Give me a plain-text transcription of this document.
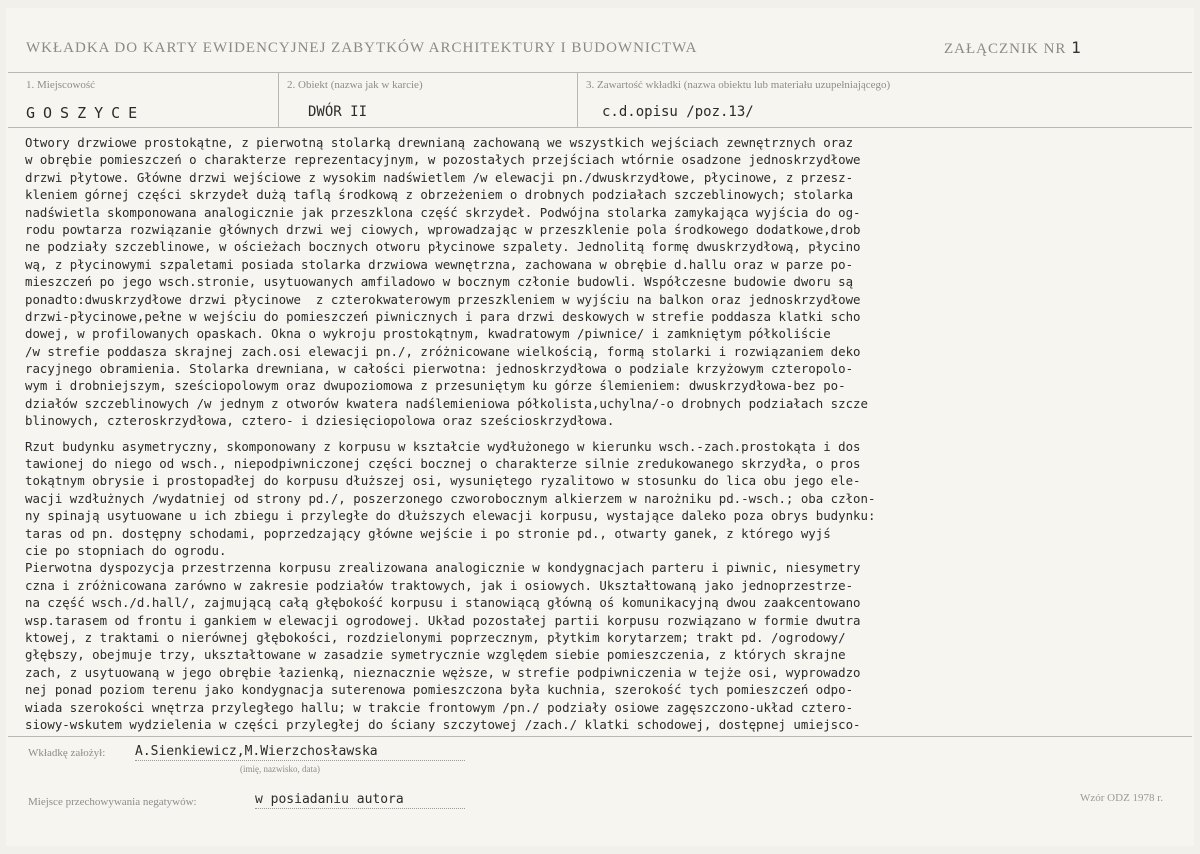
WKŁADKA DO KARTY EWIDENCYJNEJ ZABYTKÓW ARCHITEKTURY I BUDOWNICTWA	ZAŁĄCZNIK NR 1
1. Miejscowość	2. Obiekt (nazwa jak w karcie)	3. Zawartość wkładki (nazwa obiektu lub materiału uzupełniającego)
GOSZYCE	DWÓR II	c.d.opisu /poz.13/
Otwory drzwiowe prostokątne, z pierwotną stolarką drewnianą zachowaną we wszystkich wejściach zewnętrznych oraz
w obrębie pomieszczeń o charakterze reprezentacyjnym, w pozostałych przejściach wtórnie osadzone jednoskrzydłowe
drzwi płytowe. Główne drzwi wejściowe z wysokim nadświetlem /w elewacji pn./dwuskrzydłowe, płycinowe, z przesz-
kleniem górnej części skrzydeł dużą taflą środkową z obrzeżeniem o drobnych podziałach szczeblinowych; stolarka
nadświetla skomponowana analogicznie jak przeszklona część skrzydeł. Podwójna stolarka zamykająca wyjścia do og-
rodu powtarza rozwiązanie głównych drzwi wej ciowych, wprowadzając w przeszklenie pola środkowego dodatkowe,drob
ne podziały szczeblinowe, w ościeżach bocznych otworu płycinowe szpalety. Jednolitą formę dwuskrzydłową, płycino
wą, z płycinowymi szpaletami posiada stolarka drzwiowa wewnętrzna, zachowana w obrębie d.hallu oraz w parze po-
mieszczeń po jego wsch.stronie, usytuowanych amfiladowo w bocznym członie budowli. Współczesne budowie dworu są
ponadto:dwuskrzydłowe drzwi płycinowe  z czterokwaterowym przeszkleniem w wyjściu na balkon oraz jednoskrzydłowe
drzwi-płycinowe,pełne w wejściu do pomieszczeń piwnicznych i para drzwi deskowych w strefie poddasza klatki scho
dowej, w profilowanych opaskach. Okna o wykroju prostokątnym, kwadratowym /piwnice/ i zamkniętym półkoliście
/w strefie poddasza skrajnej zach.osi elewacji pn./, zróżnicowane wielkością, formą stolarki i rozwiązaniem deko
racyjnego obramienia. Stolarka drewniana, w całości pierwotna: jednoskrzydłowa o podziale krzyżowym czteropolo-
wym i drobniejszym, sześciopolowym oraz dwupoziomowa z przesuniętym ku górze ślemieniem: dwuskrzydłowa-bez po-
działów szczeblinowych /w jednym z otworów kwatera nadślemieniowa półkolista,uchylna/-o drobnych podziałach szcze
blinowych, czteroskrzydłowa, cztero- i dziesięciopolowa oraz sześcioskrzydłowa.
Rzut budynku asymetryczny, skomponowany z korpusu w kształcie wydłużonego w kierunku wsch.-zach.prostokąta i dos
tawionej do niego od wsch., niepodpiwniczonej części bocznej o charakterze silnie zredukowanego skrzydła, o pros
tokątnym obrysie i prostopadłej do korpusu dłuższej osi, wysuniętego ryzalitowo w stosunku do lica obu jego ele-
wacji wzdłużnych /wydatniej od strony pd./, poszerzonego czworobocznym alkierzem w narożniku pd.-wsch.; oba człon-
ny spinają usytuowane u ich zbiegu i przyległe do dłuższych elewacji korpusu, wystające daleko poza obrys budynku:
taras od pn. dostępny schodami, poprzedzający główne wejście i po stronie pd., otwarty ganek, z którego wyjś
cie po stopniach do ogrodu.
Pierwotna dyspozycja przestrzenna korpusu zrealizowana analogicznie w kondygnacjach parteru i piwnic, niesymetry
czna i zróżnicowana zarówno w zakresie podziałów traktowych, jak i osiowych. Ukształtowaną jako jednoprzestrze-
na część wsch./d.hall/, zajmującą całą głębokość korpusu i stanowiącą główną oś komunikacyjną dwou zaakcentowano
wsp.tarasem od frontu i gankiem w elewacji ogrodowej. Układ pozostałej partii korpusu rozwiązano w formie dwutra
ktowej, z traktami o nierównej głębokości, rozdzielonymi poprzecznym, płytkim korytarzem; trakt pd. /ogrodowy/
głębszy, obejmuje trzy, ukształtowane w zasadzie symetrycznie względem siebie pomieszczenia, z których skrajne
zach, z usytuowaną w jego obrębie łazienką, nieznacznie węższe, w strefie podpiwniczenia w tejże osi, wyprowadzo
nej ponad poziom terenu jako kondygnacja suterenowa pomieszczona była kuchnia, szerokość tych pomieszczeń odpo-
wiada szerokości wnętrza przyległego hallu; w trakcie frontowym /pn./ podziały osiowe zagęszczono-układ cztero-
siowy-wskutem wydzielenia w części przyległej do ściany szczytowej /zach./ klatki schodowej, dostępnej umiejsco-
Wkładkę założył: A.Sienkiewicz,M.Wierzchosławska
(imię, nazwisko, data)
Miejsce przechowywania negatywów:	w posiadaniu autora	Wzór ODZ 1978 r.
